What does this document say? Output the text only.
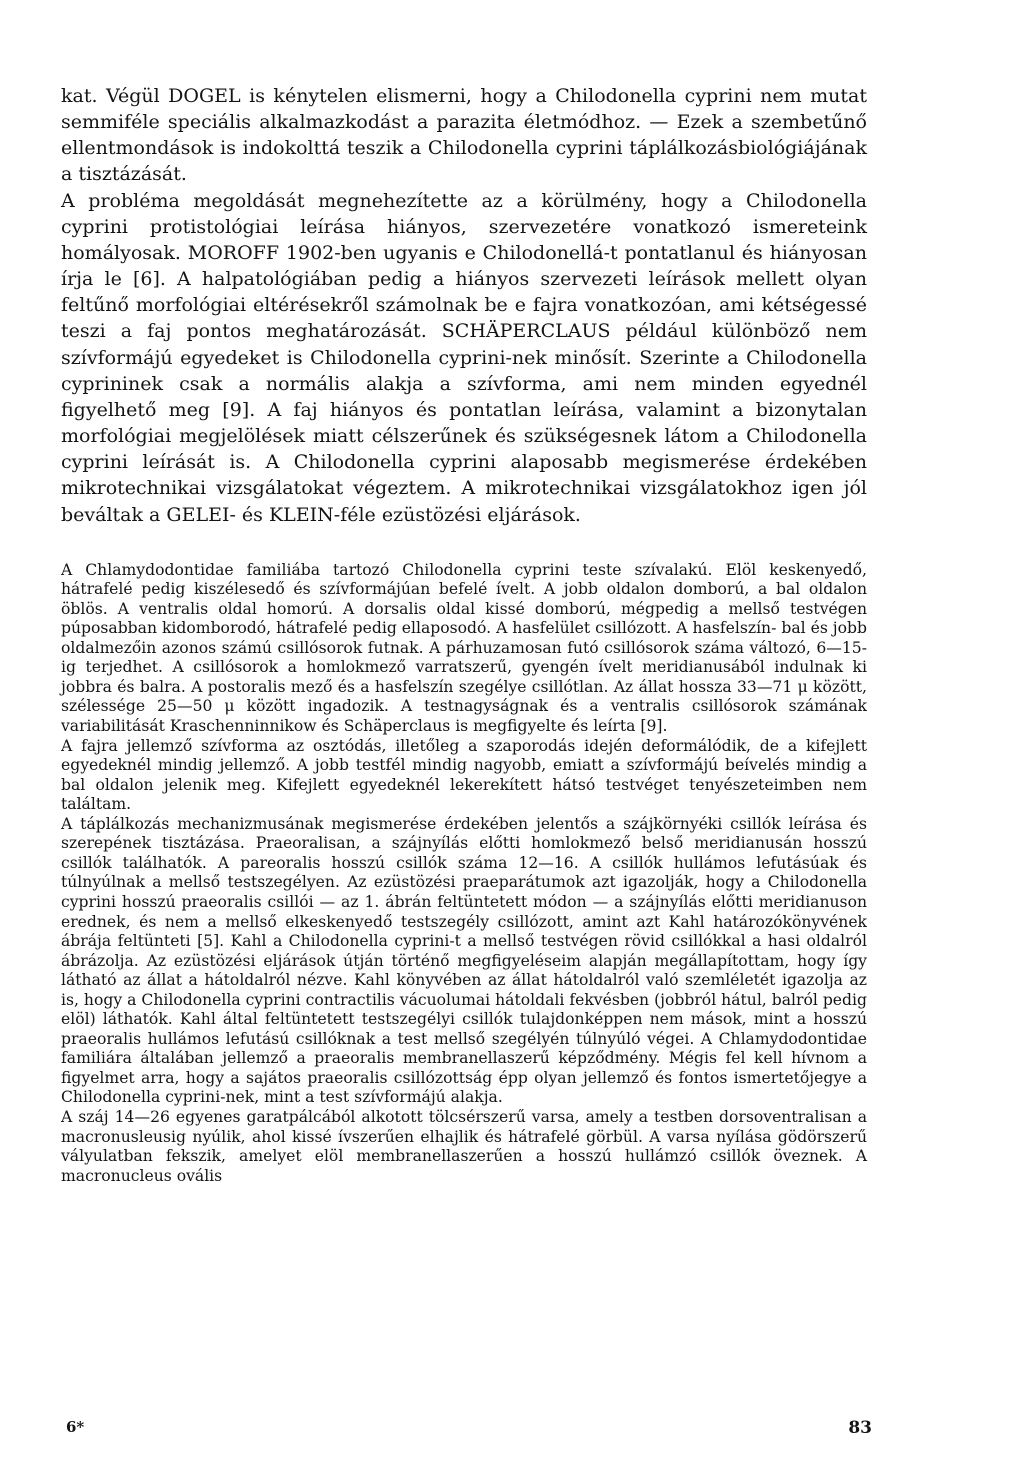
kat. Végül DOGEL is kénytelen elismerni, hogy a Chilodonella cyprini nem mutat semmiféle speciális alkalmazkodást a parazita életmódhoz. — Ezek a szembetűnő ellentmondások is indokolttá teszik a Chilodonella cyprini táplálkozásbiológiájának a tisztázását.

A probléma megoldását megnehezítette az a körülmény, hogy a Chilodonella cyprini protistológiai leírása hiányos, szervezetére vonatkozó ismereteink homályosak. MOROFF 1902-ben ugyanis e Chilodonellá-t pontatlanul és hiányosan írja le [6]. A halpatológiában pedig a hiányos szervezeti leírások mellett olyan feltűnő morfológiai eltérésekről számolnak be e fajra vonatkozóan, ami kétségessé teszi a faj pontos meghatározását. SCHÄPERCLAUS például különböző nem szívformájú egyedeket is Chilodonella cyprini-nek minősít. Szerinte a Chilodonella cyprininek csak a normális alakja a szívforma, ami nem minden egyednél figyelhető meg [9]. A faj hiányos és pontatlan leírása, valamint a bizonytalan morfológiai megjelölések miatt célszerűnek és szükségesnek látom a Chilodonella cyprini leírását is. A Chilodonella cyprini alaposabb megismerése érdekében mikrotechnikai vizsgálatokat végeztem. A mikrotechnikai vizsgálatokhoz igen jól beváltak a GELEI- és KLEIN-féle ezüstözési eljárások.

A Chlamydodontidae familiába tartozó Chilodonella cyprini teste szívalakú. Elöl keskenyedő, hátrafelé pedig kiszélesedő és szívformájúan befelé ívelt. A jobb oldalon domború, a bal oldalon öblös. A ventralis oldal homorú. A dorsalis oldal kissé domború, mégpedig a mellső testvégen púposabban kidomborodó, hátrafelé pedig ellaposodó. A hasfelület csillózott. A hasfelszín- bal és jobb oldalmezőin azonos számú csillósorok futnak. A párhuzamosan futó csillósorok száma változó, 6—15-ig terjedhet. A csillósorok a homlokmező varratszerű, gyengén ívelt meridianusából indulnak ki jobbra és balra. A postoralis mező és a hasfelszín szegélye csillótlan. Az állat hossza 33—71 μ között, szélessége 25—50 μ között ingadozik. A testnagyságnak és a ventralis csillósorok számának variabilitását Kraschenninnikow és Schäperclaus is megfigyelte és leírta [9].

A fajra jellemző szívforma az osztódás, illetőleg a szaporodás idején deformálódik, de a kifejlett egyedeknél mindig jellemző. A jobb testfél mindig nagyobb, emiatt a szívformájú beívelés mindig a bal oldalon jelenik meg. Kifejlett egyedeknél lekerekített hátsó testvéget tenyészeteimben nem találtam.

A táplálkozás mechanizmusának megismerése érdekében jelentős a szájkörnyéki csillók leírása és szerepének tisztázása. Praeoralisan, a szájnyílás előtti homlokmező belső meridianusán hosszú csillók találhatók. A pareoralis hosszú csillók száma 12—16. A csillók hullámos lefutásúak és túlnyúlnak a mellső testszegélyen. Az ezüstözési praeparátumok azt igazolják, hogy a Chilodonella cyprini hosszú praeoralis csillói — az 1. ábrán feltüntetett módon — a szájnyílás előtti meridianuson erednek, és nem a mellső elkeskenyedő testszegély csillózott, amint azt Kahl határozókönyvének ábrája feltünteti [5]. Kahl a Chilodonella cyprini-t a mellső testvégen rövid csillókkal a hasi oldalról ábrázolja. Az ezüstözési eljárások útján történő megfigyeléseim alapján megállapítottam, hogy így látható az állat a hátoldalról nézve. Kahl könyvében az állat hátoldalról való szemléletét igazolja az is, hogy a Chilodonella cyprini contractilis vácuolumai hátoldali fekvésben (jobbról hátul, balról pedig elöl) láthatók. Kahl által feltüntetett testszegélyi csillók tulajdonképpen nem mások, mint a hosszú praeoralis hullámos lefutású csillóknak a test mellső szegélyén túlnyúló végei. A Chlamydodontidae familiára általában jellemző a praeoralis membranellaszerű képződmény. Mégis fel kell hívnom a figyelmet arra, hogy a sajátos praeoralis csillózottság épp olyan jellemző és fontos ismertetőjegye a Chilodonella cyprini-nek, mint a test szívformájú alakja.

A száj 14—26 egyenes garatpálcából alkotott tölcsérszerű varsa, amely a testben dorsoventralisan a macronusleusig nyúlik, ahol kissé ívszerűen elhajlik és hátrafelé görbül. A varsa nyílása gödörszerű vályulatban fekszik, amelyet elöl membranellaszerűen a hosszú hullámzó csillók öveznek. A macronucleus ovális

6*	83
